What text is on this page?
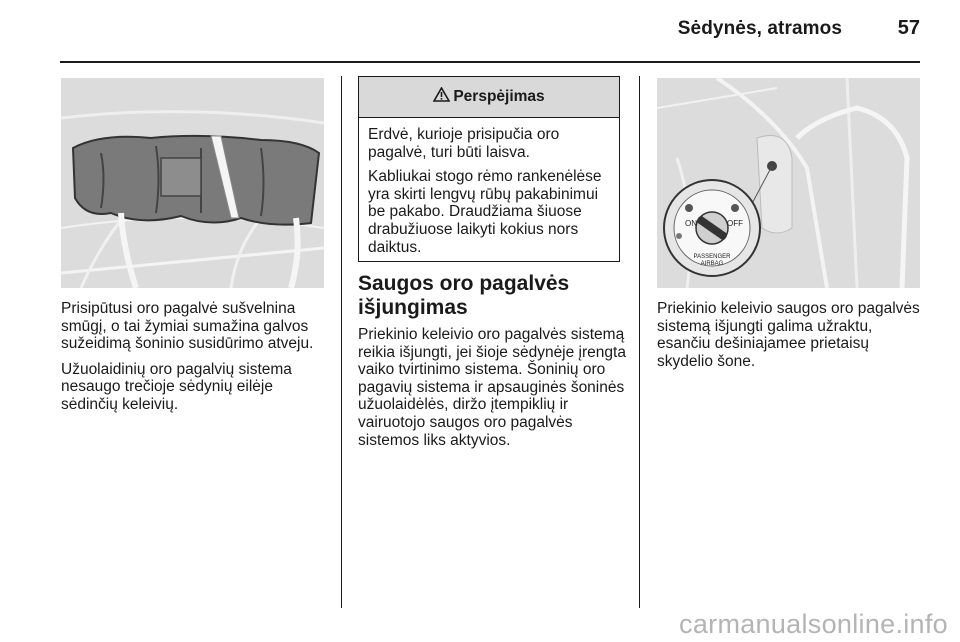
Sėdynės, atramos	57

Prisipūtusi oro pagalvė sušvelnina smūgį, o tai žymiai sumažina galvos sužeidimą šoninio susidūrimo atveju.

Užuolaidinių oro pagalvių sistema nesaugo trečioje sėdynių eilėje sėdinčių keleivių.

Perspėjimas

Erdvė, kurioje prisipučia oro pagalvė, turi būti laisva.

Kabliukai stogo rėmo rankenėlėse yra skirti lengvų rūbų pakabinimui be pakabo. Draudžiama šiuose drabužiuose laikyti kokius nors daiktus.

Saugos oro pagalvės išjungimas

Priekinio keleivio oro pagalvės sistemą reikia išjungti, jei šioje sėdynėje įrengta vaiko tvirtinimo sistema. Šoninių oro pagavių sistema ir apsauginės šoninės užuolaidėlės, diržo įtempiklių ir vairuotojo saugos oro pagalvės sistemos liks aktyvios.

ON	OFF
PASSENGER
AIRBAG

Priekinio keleivio saugos oro pagalvės sistemą išjungti galima užraktu, esančiu dešiniajamee prietaisų skydelio šone.

carmanualsonline.info
